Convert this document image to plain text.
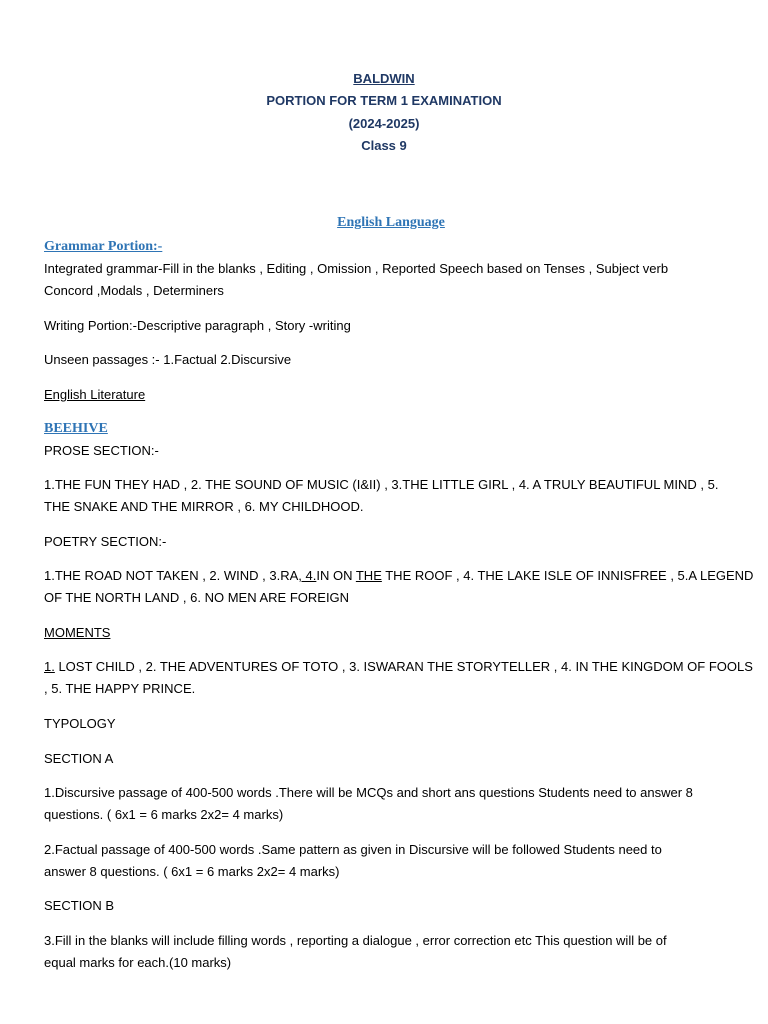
BALDWIN
PORTION FOR TERM 1 EXAMINATION
(2024-2025)
Class 9
English Language
Grammar Portion:-
Integrated grammar-Fill in the blanks , Editing , Omission , Reported Speech based on Tenses , Subject verb
Concord ,Modals , Determiners
Writing Portion:-Descriptive paragraph , Story -writing
Unseen passages :- 1.Factual 2.Discursive
English Literature
BEEHIVE
PROSE SECTION:-
1.THE FUN THEY HAD , 2. THE SOUND OF MUSIC (I&II) , 3.THE LITTLE GIRL , 4. A TRULY BEAUTIFUL MIND , 5.
THE SNAKE AND THE MIRROR , 6. MY CHILDHOOD.
POETRY SECTION:-
1.THE ROAD NOT TAKEN , 2. WIND , 3.RA, 4.IN ON THE THE ROOF , 4. THE LAKE ISLE OF INNISFREE , 5.A LEGEND
OF THE NORTH LAND , 6. NO MEN ARE FOREIGN
MOMENTS
1. LOST CHILD , 2. THE ADVENTURES OF TOTO , 3. ISWARAN THE STORYTELLER , 4. IN THE KINGDOM OF FOOLS
, 5. THE HAPPY PRINCE.
TYPOLOGY
SECTION A
1.Discursive passage of 400-500 words .There will be MCQs and short ans questions Students need to answer 8
questions. ( 6x1 = 6 marks 2x2= 4 marks)
2.Factual passage of 400-500 words .Same pattern as given in Discursive will be followed Students need to
answer 8 questions. ( 6x1 = 6 marks 2x2= 4 marks)
SECTION B
3.Fill in the blanks will include filling words , reporting a dialogue , error correction etc This question will be of
equal marks for each.(10 marks)
